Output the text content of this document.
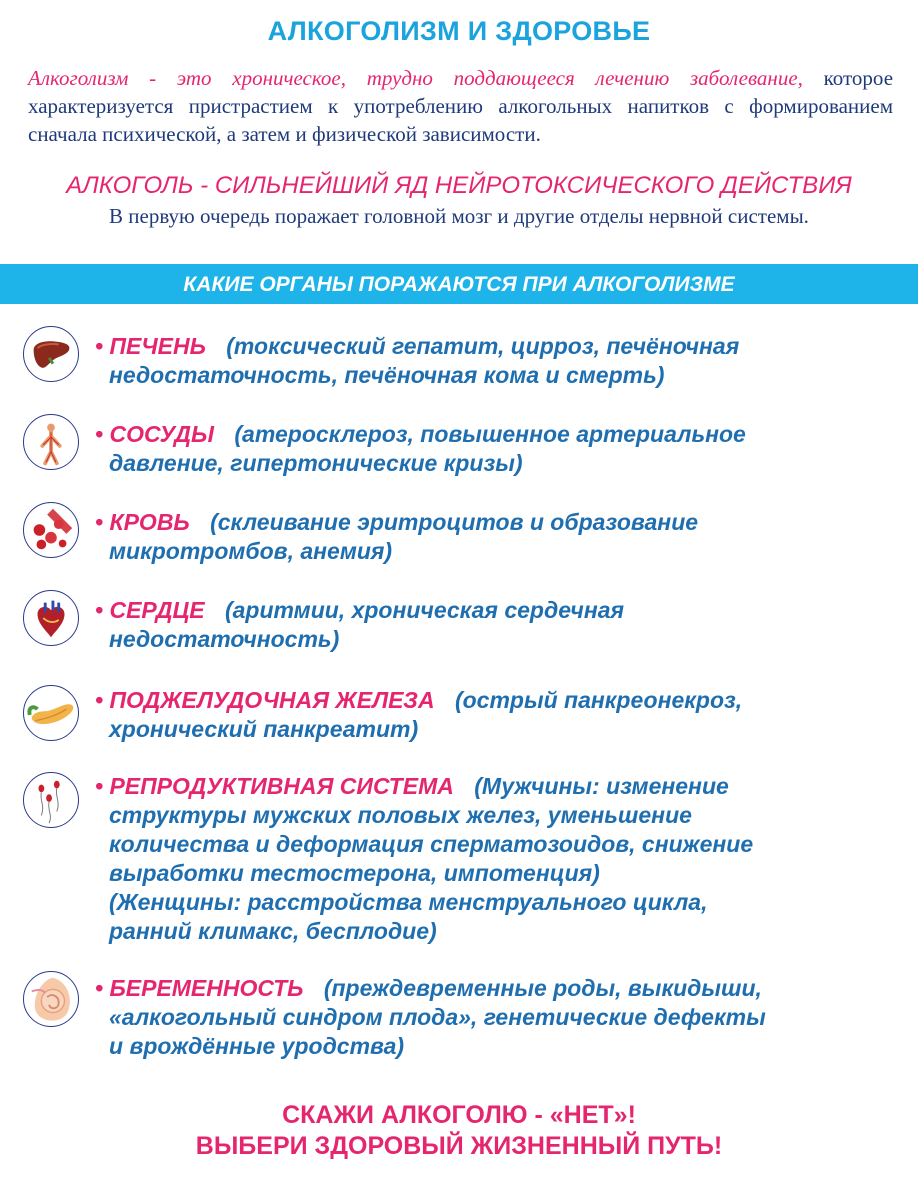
АЛКОГОЛИЗМ И ЗДОРОВЬЕ
Алкоголизм - это хроническое, трудно поддающееся лечению заболевание, которое характеризуется пристрастием к употреблению алкогольных напитков с формированием сначала психической, а затем и физической зависимости.
АЛКОГОЛЬ - СИЛЬНЕЙШИЙ ЯД НЕЙРОТОКСИЧЕСКОГО ДЕЙСТВИЯ
В первую очередь поражает головной мозг и другие отделы нервной системы.
КАКИЕ ОРГАНЫ ПОРАЖАЮТСЯ ПРИ АЛКОГОЛИЗМЕ
• ПЕЧЕНЬ (токсический гепатит, цирроз, печёночная
недостаточность, печёночная кома и смерть)
• СОСУДЫ (атеросклероз, повышенное артериальное
давление, гипертонические кризы)
• КРОВЬ (склеивание эритроцитов и образование
микротромбов, анемия)
• СЕРДЦЕ (аритмии, хроническая сердечная
недостаточность)
• ПОДЖЕЛУДОЧНАЯ ЖЕЛЕЗА (острый панкреонекроз,
хронический панкреатит)
• РЕПРОДУКТИВНАЯ СИСТЕМА (Мужчины: изменение
структуры мужских половых желез, уменьшение
количества и деформация сперматозоидов, снижение
выработки тестостерона, импотенция)
(Женщины: расстройства менструального цикла,
ранний климакс, бесплодие)
• БЕРЕМЕННОСТЬ (преждевременные роды, выкидыши,
«алкогольный синдром плода», генетические дефекты
и врождённые уродства)
СКАЖИ АЛКОГОЛЮ - «НЕТ»!
ВЫБЕРИ ЗДОРОВЫЙ ЖИЗНЕННЫЙ ПУТЬ!
